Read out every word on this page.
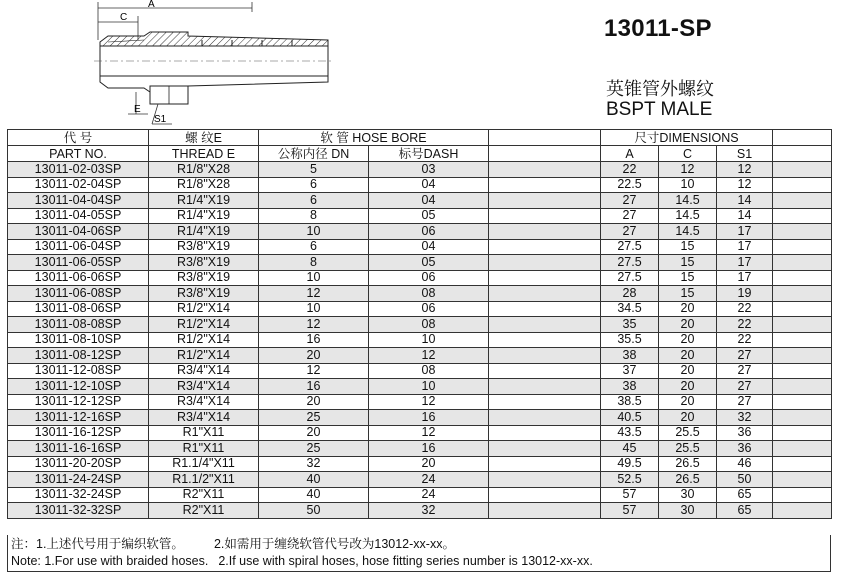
A
C
E
S1
13011-SP
英锥管外螺纹
BSPT MALE
代 号	螺 纹E	软 管 HOSE BORE			尺寸DIMENSIONS			
PART NO.	THREAD E	公称内径 DN	标号DASH		A	C	S1	
13011-02-03SP	R1/8"X28	5	03		22	12	12	
13011-02-04SP	R1/8"X28	6	04		22.5	10	12	
13011-04-04SP	R1/4"X19	6	04		27	14.5	14	
13011-04-05SP	R1/4"X19	8	05		27	14.5	14	
13011-04-06SP	R1/4"X19	10	06		27	14.5	17	
13011-06-04SP	R3/8"X19	6	04		27.5	15	17	
13011-06-05SP	R3/8"X19	8	05		27.5	15	17	
13011-06-06SP	R3/8"X19	10	06		27.5	15	17	
13011-06-08SP	R3/8"X19	12	08		28	15	19	
13011-08-06SP	R1/2"X14	10	06		34.5	20	22	
13011-08-08SP	R1/2"X14	12	08		35	20	22	
13011-08-10SP	R1/2"X14	16	10		35.5	20	22	
13011-08-12SP	R1/2"X14	20	12		38	20	27	
13011-12-08SP	R3/4"X14	12	08		37	20	27	
13011-12-10SP	R3/4"X14	16	10		38	20	27	
13011-12-12SP	R3/4"X14	20	12		38.5	20	27	
13011-12-16SP	R3/4"X14	25	16		40.5	20	32	
13011-16-12SP	R1"X11	20	12		43.5	25.5	36	
13011-16-16SP	R1"X11	25	16		45	25.5	36	
13011-20-20SP	R1.1/4"X11	32	20		49.5	26.5	46	
13011-24-24SP	R1.1/2"X11	40	24		52.5	26.5	50	
13011-32-24SP	R2"X11	40	24		57	30	65	
13011-32-32SP	R2"X11	50	32		57	30	65	
注：1.上述代号用于编织软管。 2.如需用于缠绕软管代号改为13012-xx-xx。
Note: 1.For use with braided hoses. 2.If use with spiral hoses, hose fitting series number is 13012-xx-xx.
